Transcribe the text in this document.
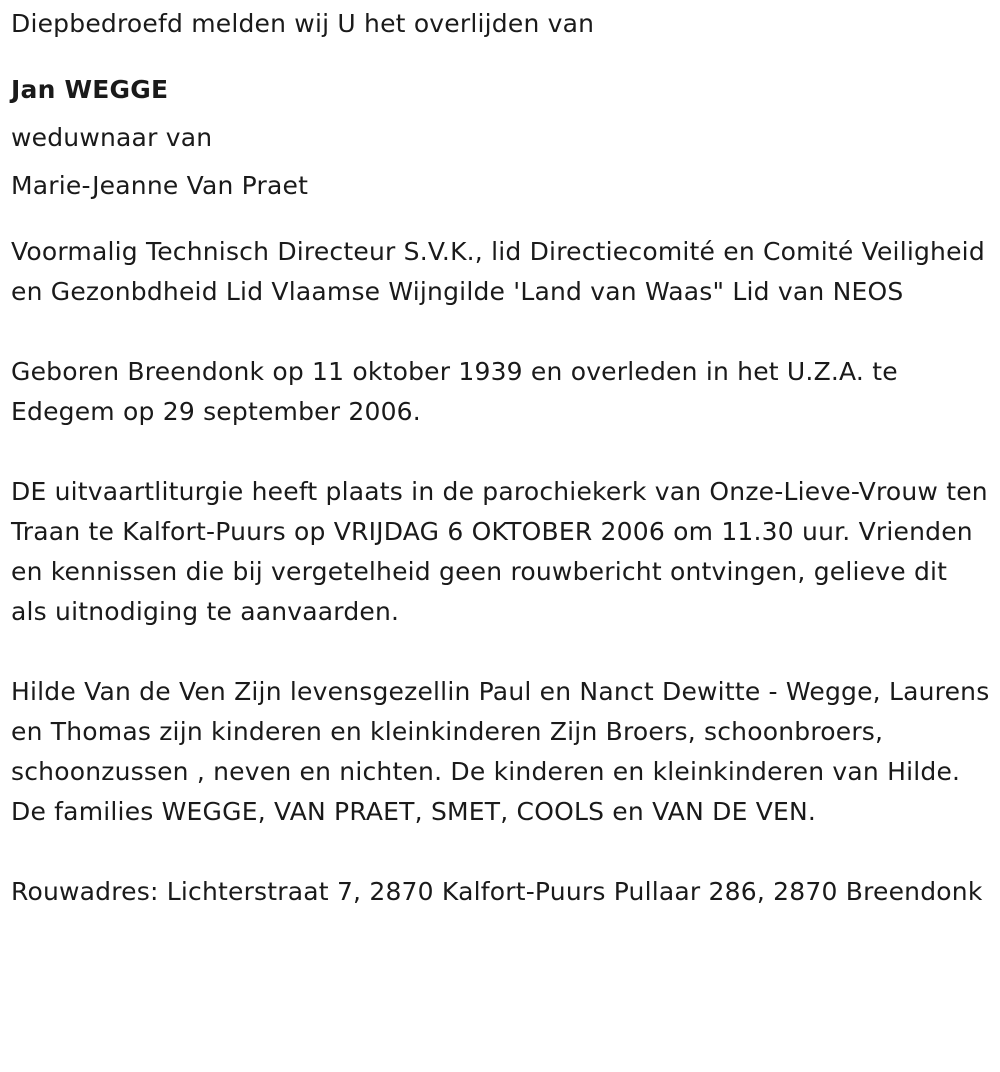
Diepbedroefd melden wij U het overlijden van

Jan WEGGE

weduwnaar van

Marie-Jeanne Van Praet

Voormalig Technisch Directeur S.V.K., lid Directiecomité en Comité Veiligheid en Gezonbdheid Lid Vlaamse Wijngilde 'Land van Waas" Lid van NEOS

Geboren Breendonk op 11 oktober 1939 en overleden in het U.Z.A. te Edegem op 29 september 2006.

DE uitvaartliturgie heeft plaats in de parochiekerk van Onze-Lieve-Vrouw ten Traan te Kalfort-Puurs op VRIJDAG 6 OKTOBER 2006 om 11.30 uur. Vrienden en kennissen die bij vergetelheid geen rouwbericht ontvingen, gelieve dit als uitnodiging te aanvaarden.

Hilde Van de Ven Zijn levensgezellin Paul en Nanct Dewitte - Wegge, Laurens en Thomas zijn kinderen en kleinkinderen Zijn Broers, schoonbroers, schoonzussen , neven en nichten. De kinderen en kleinkinderen van Hilde. De families WEGGE, VAN PRAET, SMET, COOLS en VAN DE VEN.

Rouwadres: Lichterstraat 7, 2870 Kalfort-Puurs Pullaar 286, 2870 Breendonk
